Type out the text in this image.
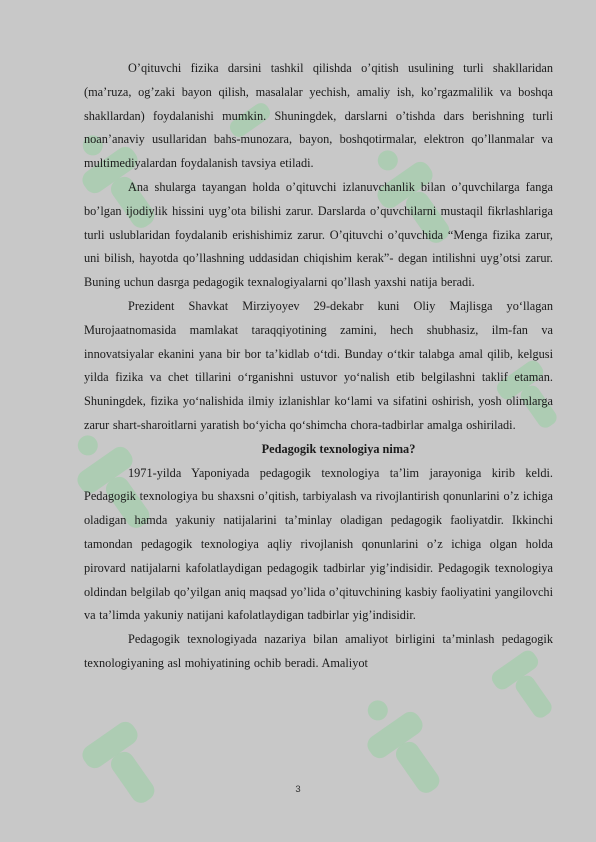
O’qituvchi fizika darsini tashkil qilishda o’qitish usulining turli shakllaridan (ma’ruza, og’zaki bayon qilish, masalalar yechish, amaliy ish, ko’rgazmalilik va boshqa shakllardan) foydalanishi mumkin. Shuningdek, darslarni o’tishda dars berishning turli noan’anaviy usullaridan bahs-munozara, bayon, boshqotirmalar, elektron qo’llanmalar va multimediyalardan foydalanish tavsiya etiladi.

Ana shularga tayangan holda o’qituvchi izlanuvchanlik bilan o’quvchilarga fanga bo’lgan ijodiylik hissini uyg’ota bilishi zarur. Darslarda o’quvchilarni mustaqil fikrlashlariga turli uslublaridan foydalanib erishishimiz zarur. O’qituvchi o’quvchida “Menga fizika zarur, uni bilish, hayotda qo’llashning uddasidan chiqishim kerak”- degan intilishni uyg’otsi zarur. Buning uchun dasrga pedagogik texnalogiyalarni qo’llash yaxshi natija beradi.

Prezident Shavkat Mirziyoyev 29-dekabr kuni Oliy Majlisga yo‘llagan Murojaatnomasida mamlakat taraqqiyotining zamini, hech shubhasiz, ilm-fan va innovatsiyalar ekanini yana bir bor ta’kidlab o‘tdi. Bunday o‘tkir talabga amal qilib, kelgusi yilda fizika va chet tillarini o‘rganishni ustuvor yo‘nalish etib belgilashni taklif etaman. Shuningdek, fizika yo‘nalishida ilmiy izlanishlar ko‘lami va sifatini oshirish, yosh olimlarga zarur shart-sharoitlarni yaratish bo‘yicha qo‘shimcha chora-tadbirlar amalga oshiriladi.

Pedagogik texnologiya nima?

1971-yilda Yaponiyada pedagogik texnologiya ta’lim jarayoniga kirib keldi. Pedagogik texnologiya bu shaxsni o’qitish, tarbiyalash va rivojlantirish qonunlarini o’z ichiga oladigan hamda yakuniy natijalarini ta’minlay oladigan pedagogik faoliyatdir. Ikkinchi tamondan pedagogik texnologiya aqliy rivojlanish qonunlarini o’z ichiga olgan holda pirovard natijalarni kafolatlaydigan pedagogik tadbirlar yig’indisidir. Pedagogik texnologiya oldindan belgilab qo’yilgan aniq maqsad yo’lida o’qituvchining kasbiy faoliyatini yangilovchi va ta’limda yakuniy natijani kafolatlaydigan tadbirlar yig’indisidir.

Pedagogik texnologiyada nazariya bilan amaliyot birligini ta’minlash pedagogik texnologiyaning asl mohiyatining ochib beradi. Amaliyot

3
